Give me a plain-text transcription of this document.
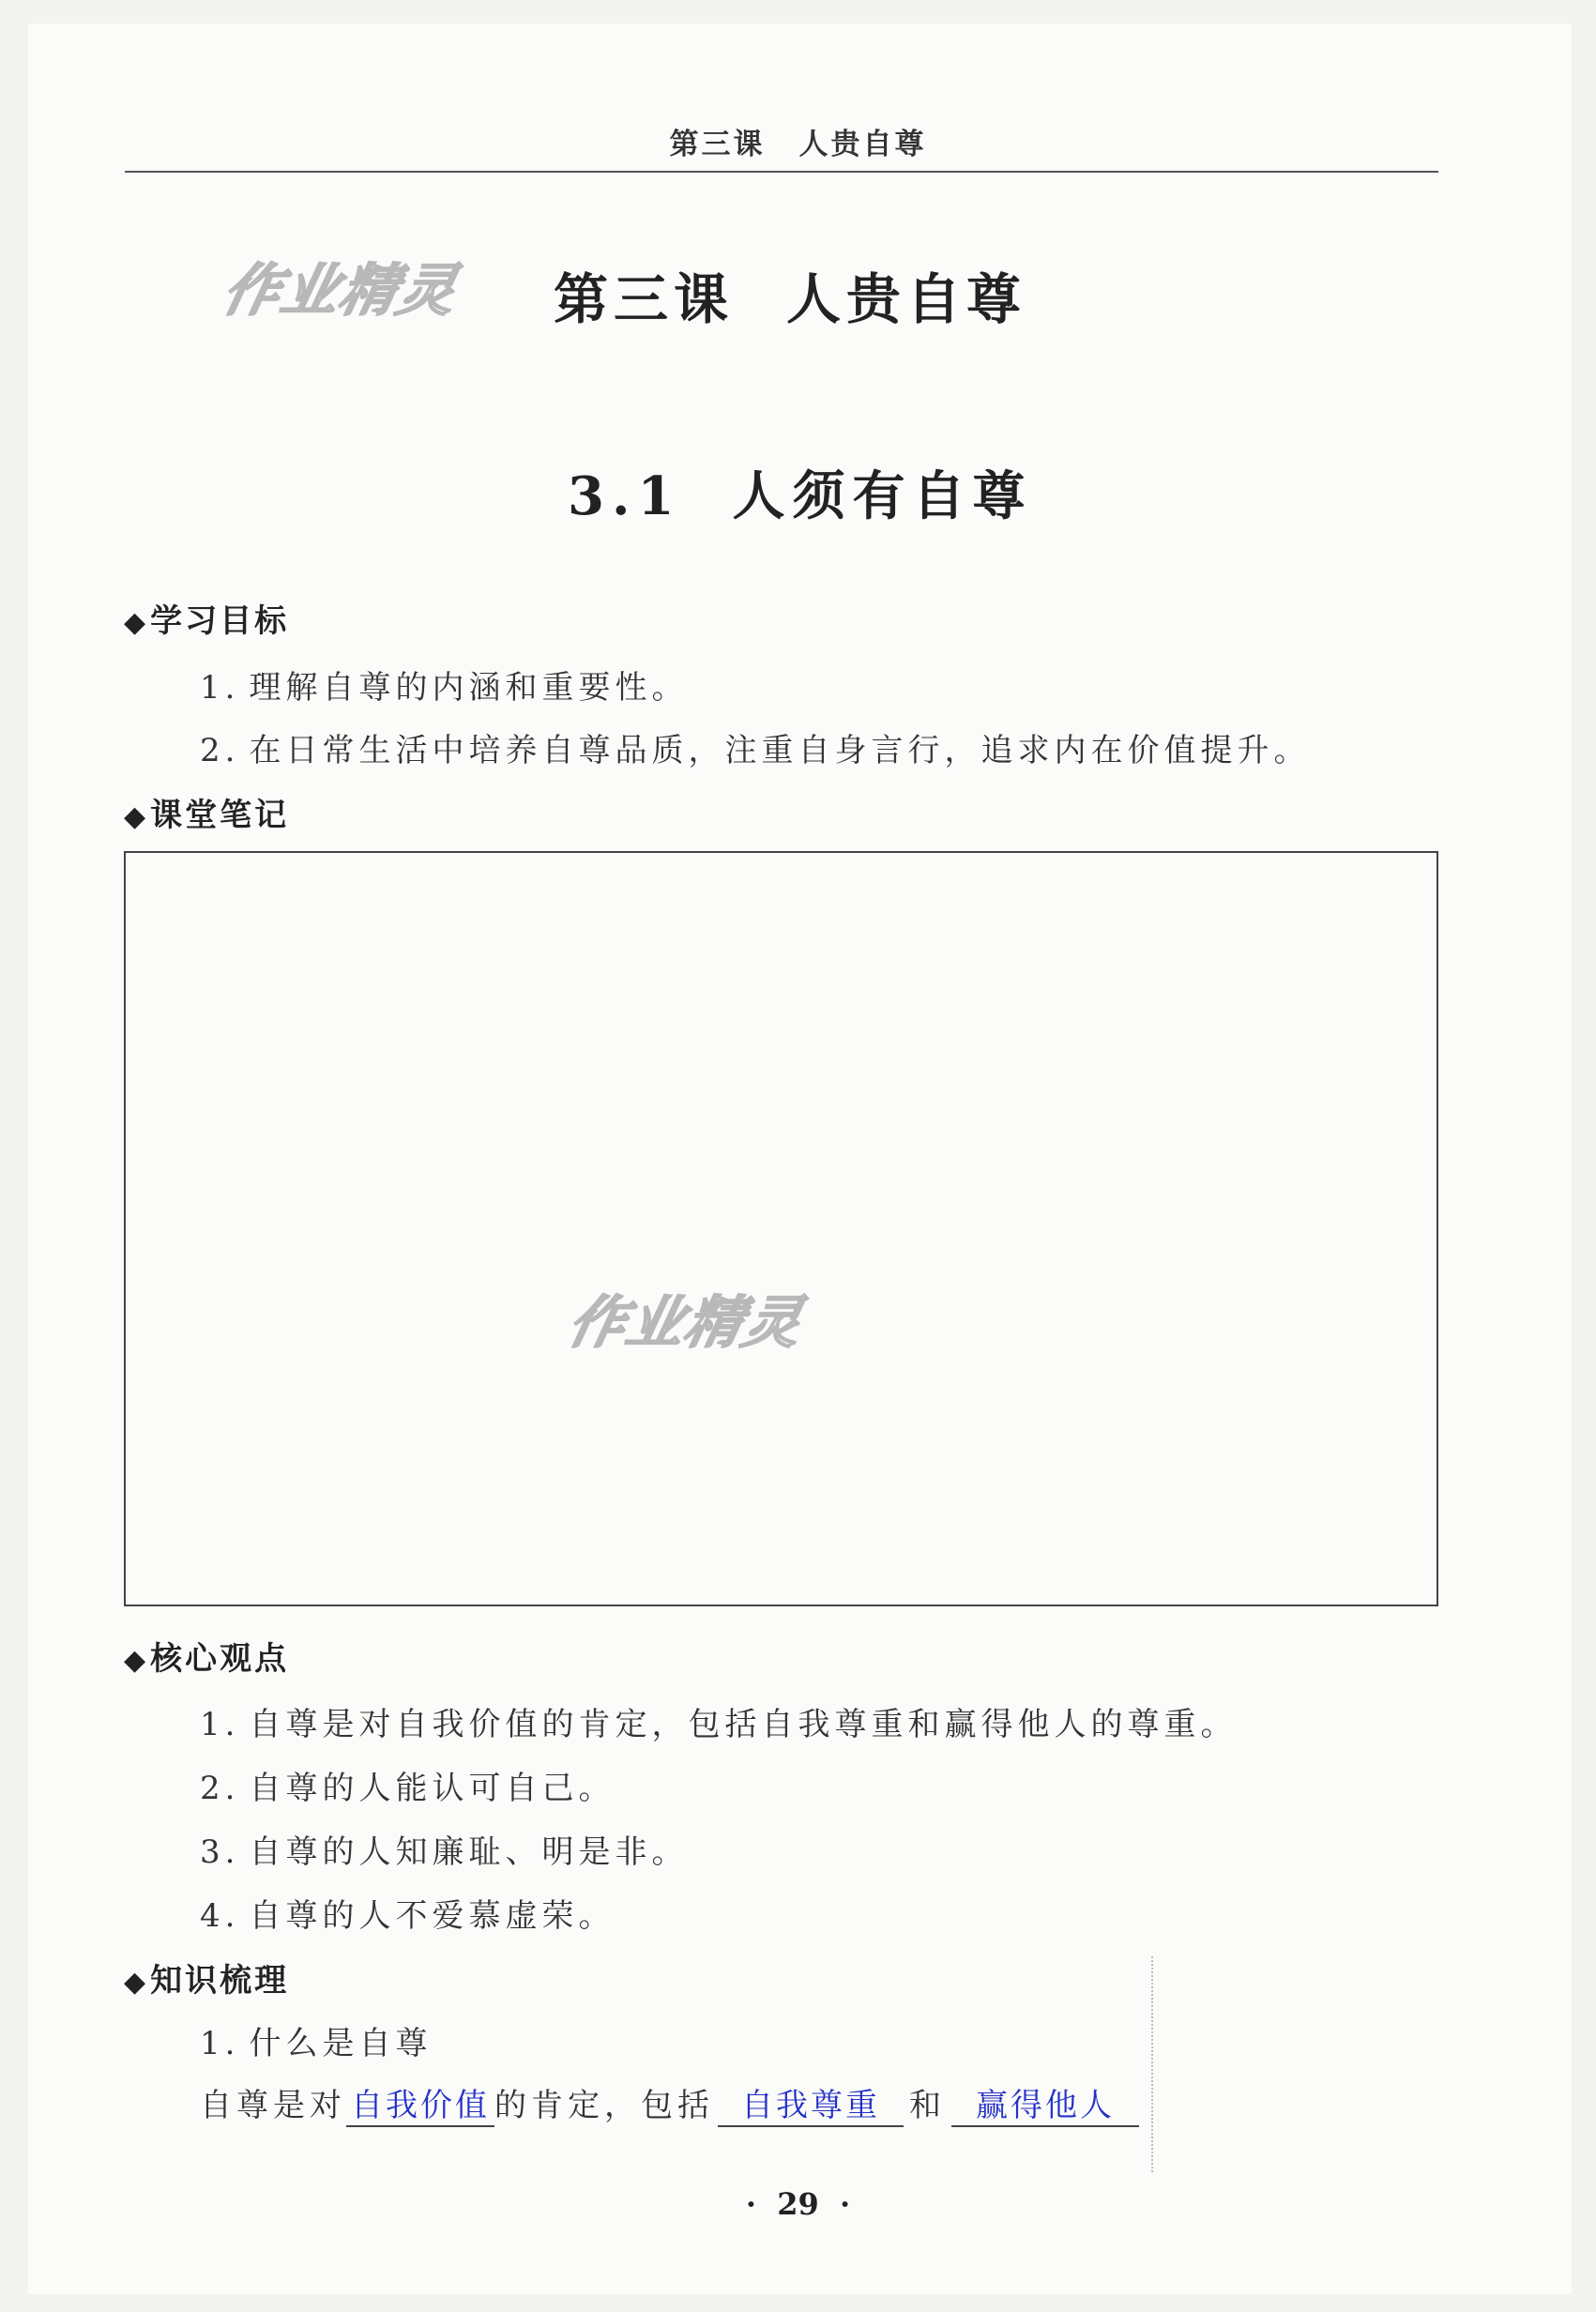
第三课 人贵自尊
作业精灵 第三课 人贵自尊
3.1 人须有自尊
◆学习目标
1. 理解自尊的内涵和重要性。
2. 在日常生活中培养自尊品质，注重自身言行，追求内在价值提升。
◆课堂笔记
作业精灵
◆核心观点
1. 自尊是对自我价值的肯定，包括自我尊重和赢得他人的尊重。
2. 自尊的人能认可自己。
3. 自尊的人知廉耻、明是非。
4. 自尊的人不爱慕虚荣。
◆知识梳理
1. 什么是自尊
自尊是对 自我价值 的肯定，包括 自我尊重 和 赢得他人
·  29  ·
